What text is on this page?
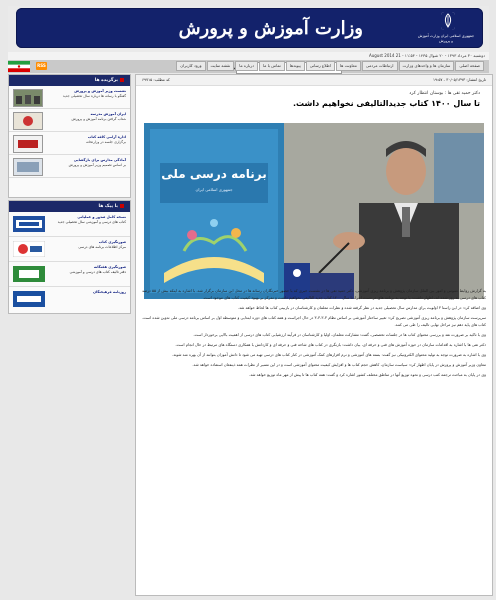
وزارت آموزش و پرورش	جمهوری اسلامی ایران وزارت آموزش و پرورش
دوشنبه ۳۰ مرداد ۱۳۹۳ - ۲۰ شوال ۱۴۳۵ - August 2014 21 - ۱۱:۵۳
RSS	صفحه اصلی
سازمان ها و واحدهای وزارت
ارتباطات مردمی
معاونت ها
اطلاع رسانی
پیوندها
تماس با ما
درباره ما
نقشه سایت
ورود کاربران
برگزیده ها
نشست وزیر آموزش و پرورش
گفتگو با رسانه ها درباره سال تحصیلی جدید
ایران آموزش مدرسه
شتاب گرفتن برنامه آموزش و پرورش
اداره آرامی کافه کتاب
برگزاری جلسه در وزارتخانه
آمادگی مدارس برای بازگشایی
بر اساس تصمیم وزیر آموزش و پرورش
با پیک ها
نسخه کامل صدور و عملیاتی
کتاب های درسی و آموزشی سال تحصیلی جدید
صورتگیری کتاب
مرکز اطلاعات برنامه های درسی
صورتگیری هفتگانه
دفتر تالیف کتاب های درسی و آموزشی
روزنامه فرهیختگان
کد مطلب: ۶۹۷۱۵	تاریخ انتشار: ۳۰/۰۵/۱۳۹۳ - ۱۹:۵۷
دکتر حمید تقی ها : بوستان انتظار کرد
تا سال ۱۴۰۰ کتاب جدید‌التالیفی نخواهیم داشت.
برنامه درسی ملی
جمهوری اسلامی ایران

به گزارش روابط عمومی و امور بین الملل سازمان پژوهش و برنامه ریزی آموزشی، دکتر حمید تقی ها در نشست خبری که با حضور خبرنگاران رسانه ها در محل این سازمان برگزار شد، با اشاره به اینکه بیش از ۵۵ درصد کتاب های درسی به روز شده اند، اظهار داشت: با توجه به برنامه های در دست اجرا، تا سال ۱۴۰۰ کتاب جدید التالیفی نخواهیم داشت و تمرکز بر بهبود کیفیت کتاب های موجود است.

وی اضافه کرد: در این راستا ۳ اولویت برای مدارس سال تحصیلی جدید در نظر گرفته شده و نظرات معلمان و کارشناسان در بازبینی کتاب ها لحاظ خواهد شد.

سرپرست سازمان پژوهش و برنامه ریزی آموزشی تصریح کرد: تغییر ساختار آموزشی بر اساس نظام ۳-۳-۳-۳ در حال اجراست و همه کتاب های دوره ابتدایی و متوسطه اول بر اساس برنامه درسی ملی تدوین شده است. کتاب های پایه دهم نیز مراحل نهایی تالیف را طی می کنند.

وی با تاکید بر ضرورت نقد و بررسی محتوای کتاب ها در جلسات تخصصی، گفت: مشارکت معلمان، اولیا و کارشناسان در فرآیند ارزشیابی کتاب های درسی از اهمیت بالایی برخوردار است.

دکتر تقی ها با اشاره به اقدامات سازمان در حوزه آموزش های فنی و حرفه ای، بیان داشت: بازنگری در کتاب های شاخه فنی و حرفه ای و کاردانش با همکاری دستگاه های مرتبط در حال انجام است.

وی با اشاره به ضرورت توجه به تولید محتوای الکترونیکی نیز گفت: بسته های آموزشی و نرم افزارهای کمک آموزشی در کنار کتاب های درسی تهیه می شود تا دانش آموزان بتوانند از آن بهره مند شوند.

معاون وزیر آموزش و پرورش در پایان اظهار کرد: سیاست سازمان، کاهش حجم کتاب ها و افزایش کیفیت محتوای آموزشی است و در این مسیر از نظرات همه ذینفعان استفاده خواهد شد.

وی در پایان به مباحث ترجمه کتب درسی و نحوه توزیع آنها در مناطق مختلف کشور اشاره کرد و گفت: همه کتاب ها تا پیش از مهر ماه توزیع خواهد شد.
